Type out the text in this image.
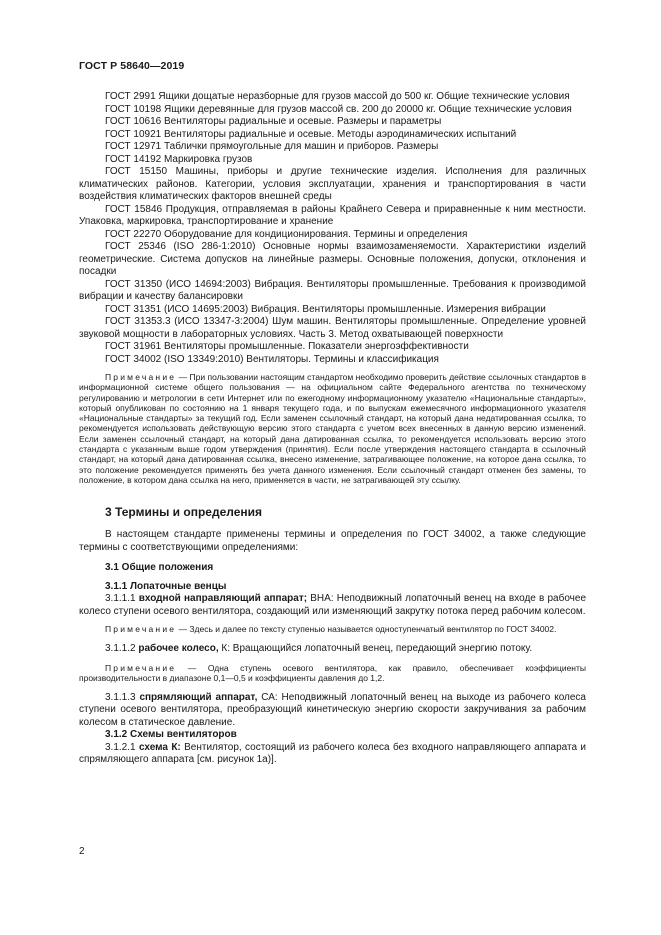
ГОСТ Р 58640—2019

ГОСТ 2991 Ящики дощатые неразборные для грузов массой до 500 кг. Общие технические условия

ГОСТ 10198 Ящики деревянные для грузов массой св. 200 до 20000 кг. Общие технические условия

ГОСТ 10616 Вентиляторы радиальные и осевые. Размеры и параметры

ГОСТ 10921 Вентиляторы радиальные и осевые. Методы аэродинамических испытаний

ГОСТ 12971 Таблички прямоугольные для машин и приборов. Размеры

ГОСТ 14192 Маркировка грузов

ГОСТ 15150 Машины, приборы и другие технические изделия. Исполнения для различных климатических районов. Категории, условия эксплуатации, хранения и транспортирования в части воздействия климатических факторов внешней среды

ГОСТ 15846 Продукция, отправляемая в районы Крайнего Севера и приравненные к ним местности. Упаковка, маркировка, транспортирование и хранение

ГОСТ 22270 Оборудование для кондиционирования. Термины и определения

ГОСТ 25346 (ISO 286-1:2010) Основные нормы взаимозаменяемости. Характеристики изделий геометрические. Система допусков на линейные размеры. Основные положения, допуски, отклонения и посадки

ГОСТ 31350 (ИСО 14694:2003) Вибрация. Вентиляторы промышленные. Требования к производимой вибрации и качеству балансировки

ГОСТ 31351 (ИСО 14695:2003) Вибрация. Вентиляторы промышленные. Измерения вибрации

ГОСТ 31353.3 (ИСО 13347-3:2004) Шум машин. Вентиляторы промышленные. Определение уровней звуковой мощности в лабораторных условиях. Часть 3. Метод охватывающей поверхности

ГОСТ 31961 Вентиляторы промышленные. Показатели энергоэффективности

ГОСТ 34002 (ISO 13349:2010) Вентиляторы. Термины и классификация

Примечание — При пользовании настоящим стандартом необходимо проверить действие ссылочных стандартов в информационной системе общего пользования — на официальном сайте Федерального агентства по техническому регулированию и метрологии в сети Интернет или по ежегодному информационному указателю «Национальные стандарты», который опубликован по состоянию на 1 января текущего года, и по выпускам ежемесячного информационного указателя «Национальные стандарты» за текущий год. Если заменен ссылочный стандарт, на который дана недатированная ссылка, то рекомендуется использовать действующую версию этого стандарта с учетом всех внесенных в данную версию изменений. Если заменен ссылочный стандарт, на который дана датированная ссылка, то рекомендуется использовать версию этого стандарта с указанным выше годом утверждения (принятия). Если после утверждения настоящего стандарта в ссылочный стандарт, на который дана датированная ссылка, внесено изменение, затрагивающее положение, на которое дана ссылка, то это положение рекомендуется применять без учета данного изменения. Если ссылочный стандарт отменен без замены, то положение, в котором дана ссылка на него, применяется в части, не затрагивающей эту ссылку.

3 Термины и определения

В настоящем стандарте применены термины и определения по ГОСТ 34002, а также следующие термины с соответствующими определениями:

3.1 Общие положения
3.1.1 Лопаточные венцы

3.1.1.1 входной направляющий аппарат; ВНА: Неподвижный лопаточный венец на входе в рабочее колесо ступени осевого вентилятора, создающий или изменяющий закрутку потока перед рабочим колесом.

Примечание — Здесь и далее по тексту ступенью называется одноступенчатый вентилятор по ГОСТ 34002.

3.1.1.2 рабочее колесо, К: Вращающийся лопаточный венец, передающий энергию потоку.

Примечание — Одна ступень осевого вентилятора, как правило, обеспечивает коэффициенты производительности в диапазоне 0,1—0,5 и коэффициенты давления до 1,2.

3.1.1.3 спрямляющий аппарат, СА: Неподвижный лопаточный венец на выходе из рабочего колеса ступени осевого вентилятора, преобразующий кинетическую энергию скорости закручивания за рабочим колесом в статическое давление.

3.1.2 Схемы вентиляторов

3.1.2.1 схема К: Вентилятор, состоящий из рабочего колеса без входного направляющего аппарата и спрямляющего аппарата [см. рисунок 1а)].

2
